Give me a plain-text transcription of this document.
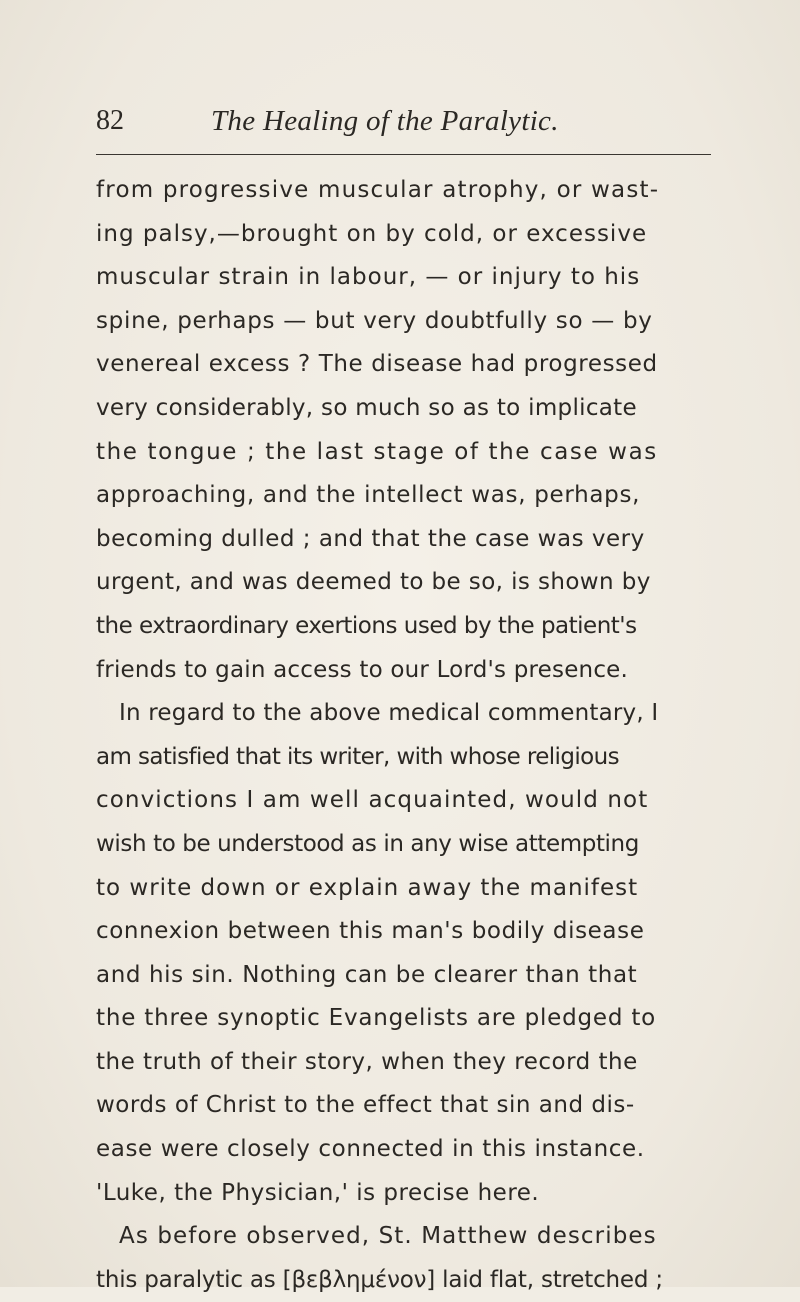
82	The Healing of the Paralytic.
from progressive muscular atrophy, or wast-
ing palsy,—brought on by cold, or excessive
muscular strain in labour, — or injury to his
spine, perhaps — but very doubtfully so — by
venereal excess ? The disease had progressed
very considerably, so much so as to implicate
the tongue ; the last stage of the case was
approaching, and the intellect was, perhaps,
becoming dulled ; and that the case was very
urgent, and was deemed to be so, is shown by
the extraordinary exertions used by the patient's
friends to gain access to our Lord's presence.
In regard to the above medical commentary, I
am satisfied that its writer, with whose religious
convictions I am well acquainted, would not
wish to be understood as in any wise attempting
to write down or explain away the manifest
connexion between this man's bodily disease
and his sin. Nothing can be clearer than that
the three synoptic Evangelists are pledged to
the truth of their story, when they record the
words of Christ to the effect that sin and dis-
ease were closely connected in this instance.
'Luke, the Physician,' is precise here.
As before observed, St. Matthew describes
this paralytic as [βεβλημένον] laid flat, stretched ;
